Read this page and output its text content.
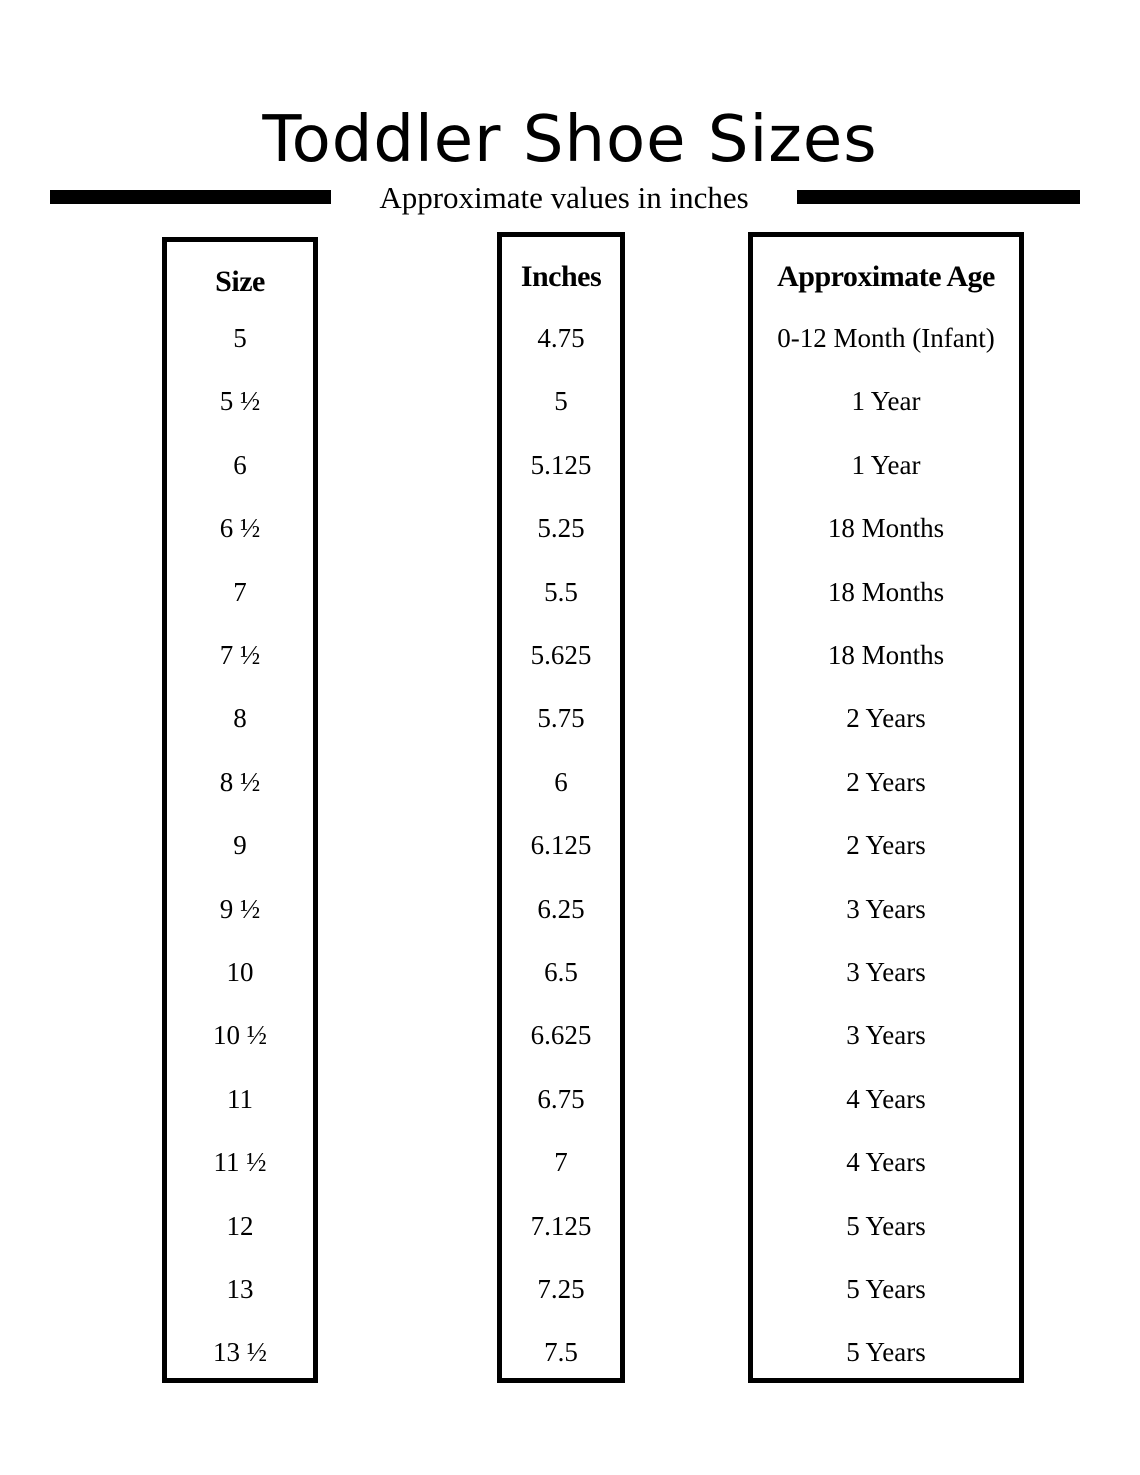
Toddler Shoe Sizes
Approximate values in inches
Size
5
5 ½
6
6 ½
7
7 ½
8
8 ½
9
9 ½
10
10 ½
11
11 ½
12
13
13 ½
Inches
4.75
5
5.125
5.25
5.5
5.625
5.75
6
6.125
6.25
6.5
6.625
6.75
7
7.125
7.25
7.5
Approximate Age
0-12 Month (Infant)
1 Year
1 Year
18 Months
18 Months
18 Months
2 Years
2 Years
2 Years
3 Years
3 Years
3 Years
4 Years
4 Years
5 Years
5 Years
5 Years
